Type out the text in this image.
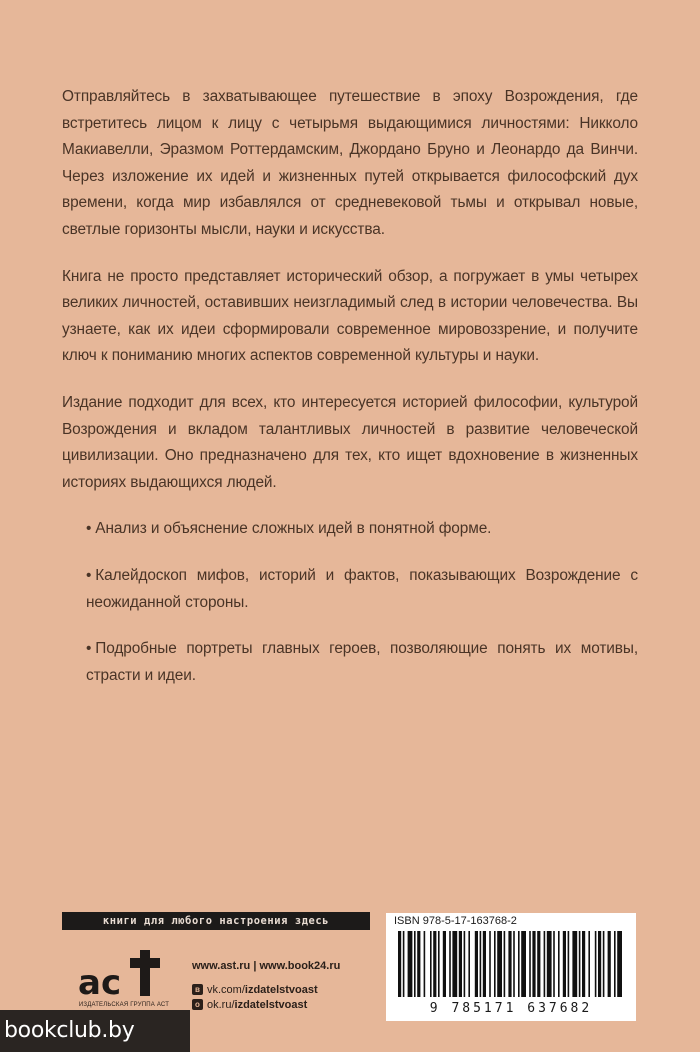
Отправляйтесь в захватывающее путешествие в эпоху Возрождения, где встретитесь лицом к лицу с четырьмя выдающимися личностями: Никколо Макиавелли, Эразмом Роттердамским, Джордано Бруно и Леонардо да Винчи. Через изложение их идей и жизненных путей открывается философский дух времени, когда мир избавлялся от средневековой тьмы и открывал новые, светлые горизонты мысли, науки и искусства.

Книга не просто представляет исторический обзор, а погружает в умы четырех великих личностей, оставивших неизгладимый след в истории человечества. Вы узнаете, как их идеи сформировали современное мировоззрение, и получите ключ к пониманию многих аспектов современной культуры и науки.

Издание подходит для всех, кто интересуется историей философии, культурой Возрождения и вкладом талантливых личностей в развитие человеческой цивилизации. Оно предназначено для тех, кто ищет вдохновение в жизненных историях выдающихся людей.

• Анализ и объяснение сложных идей в понятной форме.

• Калейдоскоп мифов, историй и фактов, показывающих Возрождение с неожиданной стороны.

• Подробные портреты главных героев, позволяющие понять их мотивы, страсти и идеи.

книги для любого настроения здесь
ac
ИЗДАТЕЛЬСКАЯ ГРУППА АСТ
www.ast.ru | www.book24.ru
в vk.com/ izdatelstvoast
о ok.ru/ izdatelstvoast
ISBN 978-5-17-163768-2
9 785171 637682
bookclub.by
